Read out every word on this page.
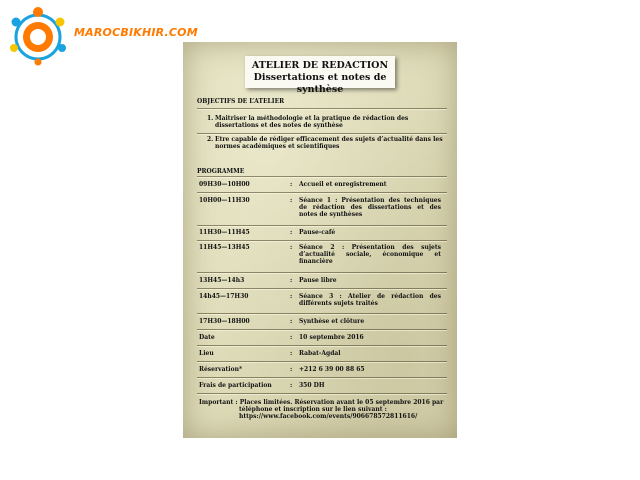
MAROCBIKHIR.COM
ATELIER DE REDACTION
Dissertations et notes de synthèse
OBJECTIFS DE L’ATELIER
1. Maitriser la méthodologie et la pratique de rédaction des dissertations et des notes de synthèse
2. Etre capable de rédiger efficacement des sujets d’actualité dans les normes académiques et scientifiques
PROGRAMME
09H30—10H00	: Accueil et enregistrement
10H00—11H30	: Séance 1 : Présentation des techniques de rédaction des dissertations et des notes de synthèses
11H30—11H45	: Pause-café
11H45—13H45	: Séance 2 : Présentation des sujets d’actualité sociale, économique et financière
13H45—14h3	: Pause libre
14h45—17H30	: Séance 3 : Atelier de rédaction des différents sujets traités
17H30—18H00	: Synthèse et clôture
Date	: 10 septembre 2016
Lieu	: Rabat-Agdal
Réservation*	: +212 6 39 00 88 65
Frais de participation	: 350 DH
Important : Places limitées. Réservation avant le 05 septembre 2016 par
téléphone et inscription sur le lien suivant :
https://www.facebook.com/events/906678572811616/
